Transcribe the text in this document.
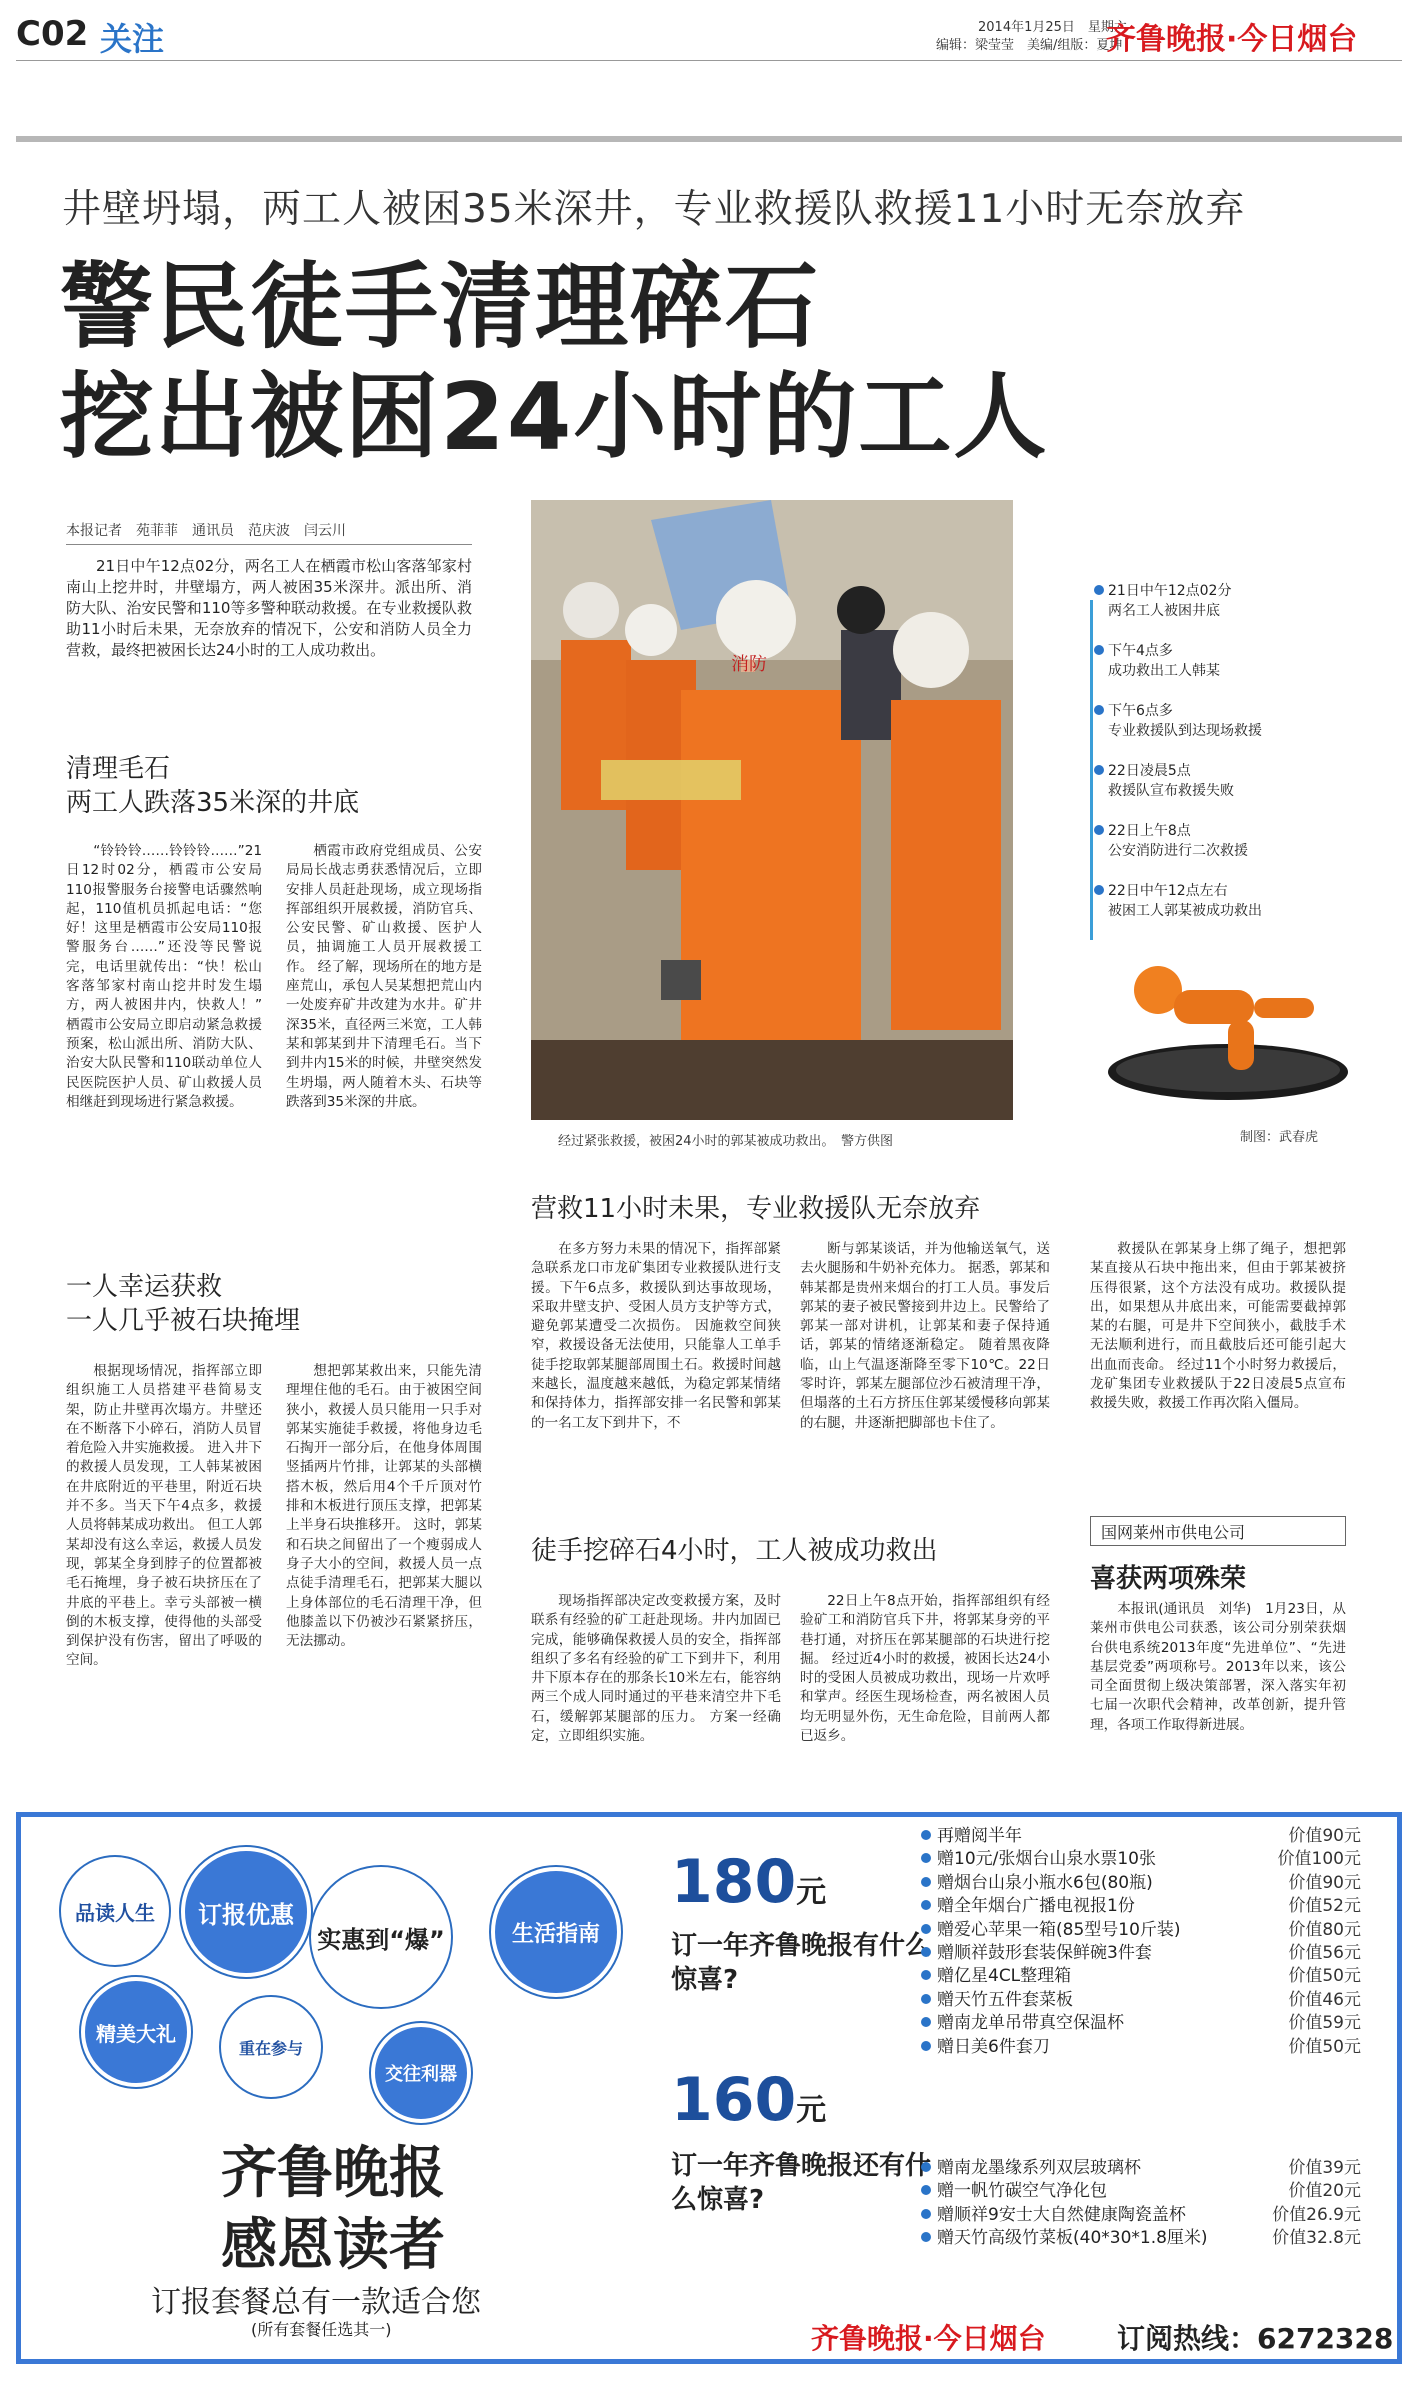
C02 关注	2014年1月25日　星期六
编辑：梁莹莹　美编/组版：夏坤
齐鲁晚报·今日烟台
井壁坍塌，两工人被困35米深井，专业救援队救援11小时无奈放弃
警民徒手清理碎石
挖出被困24小时的工人
本报记者　苑菲菲　通讯员　范庆波　闫云川

21日中午12点02分，两名工人在栖霞市松山客落邹家村南山上挖井时，井壁塌方，两人被困35米深井。派出所、消防大队、治安民警和110等多警种联动救援。在专业救援队救助11小时后未果，无奈放弃的情况下，公安和消防人员全力营救，最终把被困长达24小时的工人成功救出。

消防
经过紧张救援，被困24小时的郭某被成功救出。　警方供图
21日中午12点02分
两名工人被困井底
下午4点多
成功救出工人韩某
下午6点多
专业救援队到达现场救援
22日凌晨5点
救援队宣布救援失败
22日上午8点
公安消防进行二次救援
22日中午12点左右
被困工人郭某被成功救出
制图：武春虎
清理毛石
两工人跌落35米深的井底

“铃铃铃……铃铃铃……”21日12时02分，栖霞市公安局110报警服务台接警电话骤然响起，110值机员抓起电话：“您好！这里是栖霞市公安局110报警服务台……”还没等民警说完，电话里就传出：“快！松山客落邹家村南山挖井时发生塌方，两人被困井内，快救人！” 栖霞市公安局立即启动紧急救援预案，松山派出所、消防大队、治安大队民警和110联动单位人民医院医护人员、矿山救援人员相继赶到现场进行紧急救援。

栖霞市政府党组成员、公安局局长战志勇获悉情况后，立即安排人员赶赴现场，成立现场指挥部组织开展救援，消防官兵、公安民警、矿山救援、医护人员，抽调施工人员开展救援工作。 经了解，现场所在的地方是座荒山，承包人吴某想把荒山内一处废弃矿井改建为水井。矿井深35米，直径两三米宽，工人韩某和郭某到井下清理毛石。当下到井内15米的时候，井壁突然发生坍塌，两人随着木头、石块等跌落到35米深的井底。

一人幸运获救
一人几乎被石块掩埋

根据现场情况，指挥部立即组织施工人员搭建平巷简易支架，防止井壁再次塌方。井壁还在不断落下小碎石，消防人员冒着危险入井实施救援。 进入井下的救援人员发现，工人韩某被困在井底附近的平巷里，附近石块并不多。当天下午4点多，救援人员将韩某成功救出。 但工人郭某却没有这么幸运，救援人员发现，郭某全身到脖子的位置都被毛石掩埋，身子被石块挤压在了井底的平巷上。幸亏头部被一横倒的木板支撑，使得他的头部受到保护没有伤害，留出了呼吸的空间。

想把郭某救出来，只能先清理埋住他的毛石。由于被困空间狭小，救援人员只能用一只手对郭某实施徒手救援，将他身边毛石掏开一部分后，在他身体周围竖插两片竹排，让郭某的头部横搭木板，然后用4个千斤顶对竹排和木板进行顶压支撑，把郭某上半身石块推移开。 这时，郭某和石块之间留出了一个瘦弱成人身子大小的空间，救援人员一点点徒手清理毛石，把郭某大腿以上身体部位的毛石清理干净，但他膝盖以下仍被沙石紧紧挤压，无法挪动。

营救11小时未果，专业救援队无奈放弃

在多方努力未果的情况下，指挥部紧急联系龙口市龙矿集团专业救援队进行支援。下午6点多，救援队到达事故现场，采取井壁支护、受困人员方支护等方式，避免郭某遭受二次损伤。 因施救空间狭窄，救援设备无法使用，只能靠人工单手徒手挖取郭某腿部周围土石。救援时间越来越长，温度越来越低，为稳定郭某情绪和保持体力，指挥部安排一名民警和郭某的一名工友下到井下，不

断与郭某谈话，并为他输送氧气，送去火腿肠和牛奶补充体力。 据悉，郭某和韩某都是贵州来烟台的打工人员。事发后郭某的妻子被民警接到井边上。民警给了郭某一部对讲机，让郭某和妻子保持通话，郭某的情绪逐渐稳定。 随着黑夜降临，山上气温逐渐降至零下10℃。22日零时许，郭某左腿部位沙石被清理干净，但塌落的土石方挤压住郭某缓慢移向郭某的右腿，井逐渐把脚部也卡住了。

救援队在郭某身上绑了绳子，想把郭某直接从石块中拖出来，但由于郭某被挤压得很紧，这个方法没有成功。救援队提出，如果想从井底出来，可能需要截掉郭某的右腿，可是井下空间狭小，截肢手术无法顺利进行，而且截肢后还可能引起大出血而丧命。 经过11个小时努力救援后，龙矿集团专业救援队于22日凌晨5点宣布救援失败，救援工作再次陷入僵局。

徒手挖碎石4小时，工人被成功救出

现场指挥部决定改变救援方案，及时联系有经验的矿工赶赴现场。井内加固已完成，能够确保救援人员的安全，指挥部组织了多名有经验的矿工下到井下，利用井下原本存在的那条长10米左右，能容纳两三个成人同时通过的平巷来清空井下毛石，缓解郭某腿部的压力。 方案一经确定，立即组织实施。

22日上午8点开始，指挥部组织有经验矿工和消防官兵下井，将郭某身旁的平巷打通，对挤压在郭某腿部的石块进行挖掘。 经过近4小时的救援，被困长达24小时的受困人员被成功救出，现场一片欢呼和掌声。经医生现场检查，两名被困人员均无明显外伤，无生命危险，目前两人都已返乡。

国网莱州市供电公司
喜获两项殊荣

本报讯(通讯员　刘华)　1月23日，从莱州市供电公司获悉，该公司分别荣获烟台供电系统2013年度“先进单位”、“先进基层党委”两项称号。2013年以来，该公司全面贯彻上级决策部署，深入落实年初七届一次职代会精神，改革创新，提升管理，各项工作取得新进展。

品读人生	订报优惠
实惠到“爆”	生活指南
精美大礼
重在参与
交往利器
齐鲁晚报
感恩读者
订报套餐总有一款适合您
(所有套餐任选其一)
180元
订一年齐鲁晚报有什么惊喜?
再赠阅半年	价值90元
赠10元/张烟台山泉水票10张	价值100元
赠烟台山泉小瓶水6包(80瓶)	价值90元
赠全年烟台广播电视报1份	价值52元
赠爱心苹果一箱(85型号10斤装)	价值80元
赠顺祥鼓形套装保鲜碗3件套	价值56元
赠亿星4CL整理箱	价值50元
赠天竹五件套菜板	价值46元
赠南龙单吊带真空保温杯	价值59元
赠日美6件套刀	价值50元
160元
订一年齐鲁晚报还有什么惊喜?
赠南龙墨缘系列双层玻璃杯	价值39元
赠一帆竹碳空气净化包	价值20元
赠顺祥9安士大自然健康陶瓷盖杯	价值26.9元
赠天竹高级竹菜板(40*30*1.8厘米)	价值32.8元
齐鲁晚报·今日烟台	订阅热线：6272328
